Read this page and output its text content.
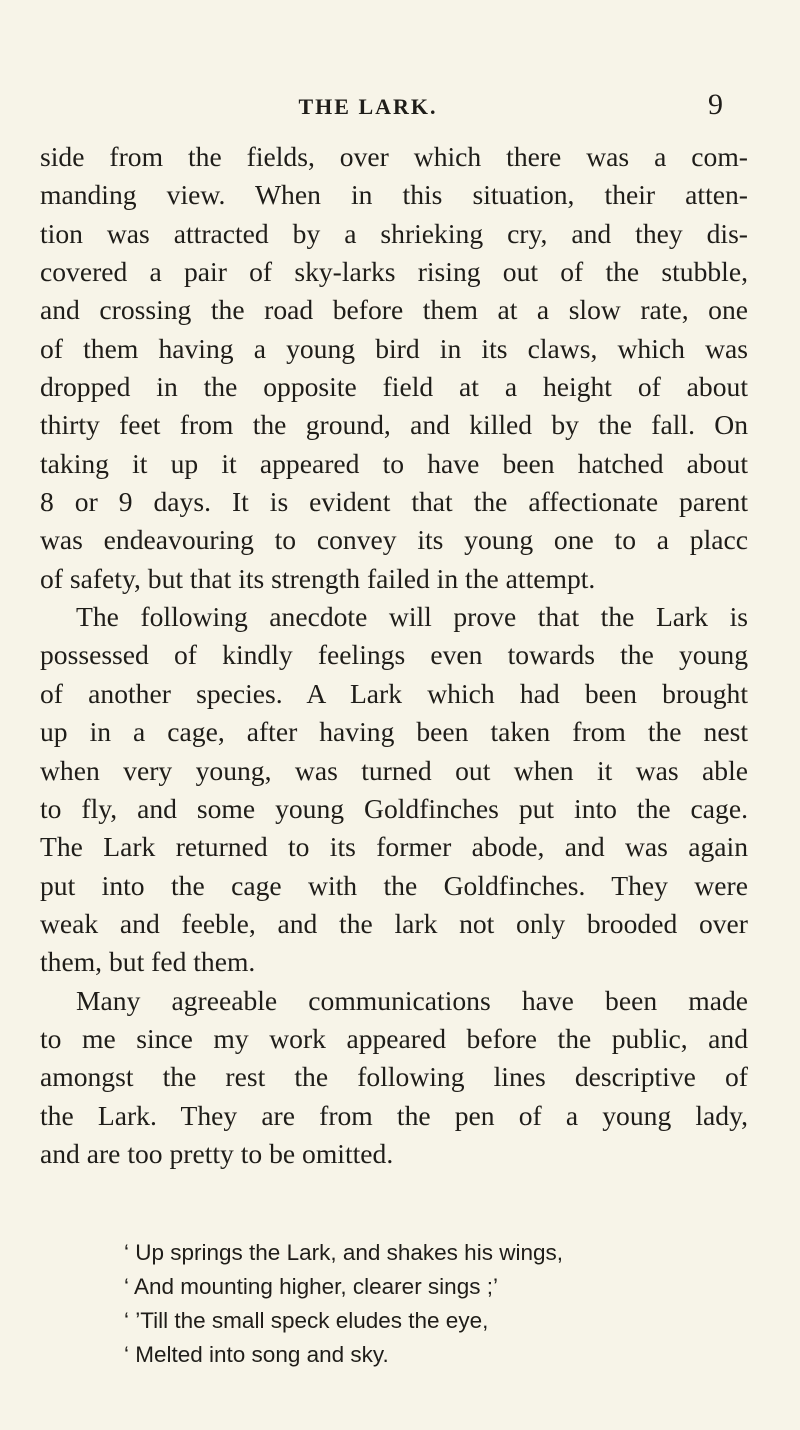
THE LARK.	9
side from the fields, over which there was a com-
manding view. When in this situation, their atten-
tion was attracted by a shrieking cry, and they dis-
covered a pair of sky-larks rising out of the stubble,
and crossing the road before them at a slow rate, one
of them having a young bird in its claws, which was
dropped in the opposite field at a height of about
thirty feet from the ground, and killed by the fall. On
taking it up it appeared to have been hatched about
8 or 9 days. It is evident that the affectionate parent
was endeavouring to convey its young one to a placc
of safety, but that its strength failed in the attempt.
The following anecdote will prove that the Lark is
possessed of kindly feelings even towards the young
of another species. A Lark which had been brought
up in a cage, after having been taken from the nest
when very young, was turned out when it was able
to fly, and some young Goldfinches put into the cage.
The Lark returned to its former abode, and was again
put into the cage with the Goldfinches. They were
weak and feeble, and the lark not only brooded over
them, but fed them.
Many agreeable communications have been made
to me since my work appeared before the public, and
amongst the rest the following lines descriptive of
the Lark. They are from the pen of a young lady,
and are too pretty to be omitted.
‘ Up springs the Lark, and shakes his wings,
‘ And mounting higher, clearer sings ;’
‘ ’Till the small speck eludes the eye,
‘ Melted into song and sky.
